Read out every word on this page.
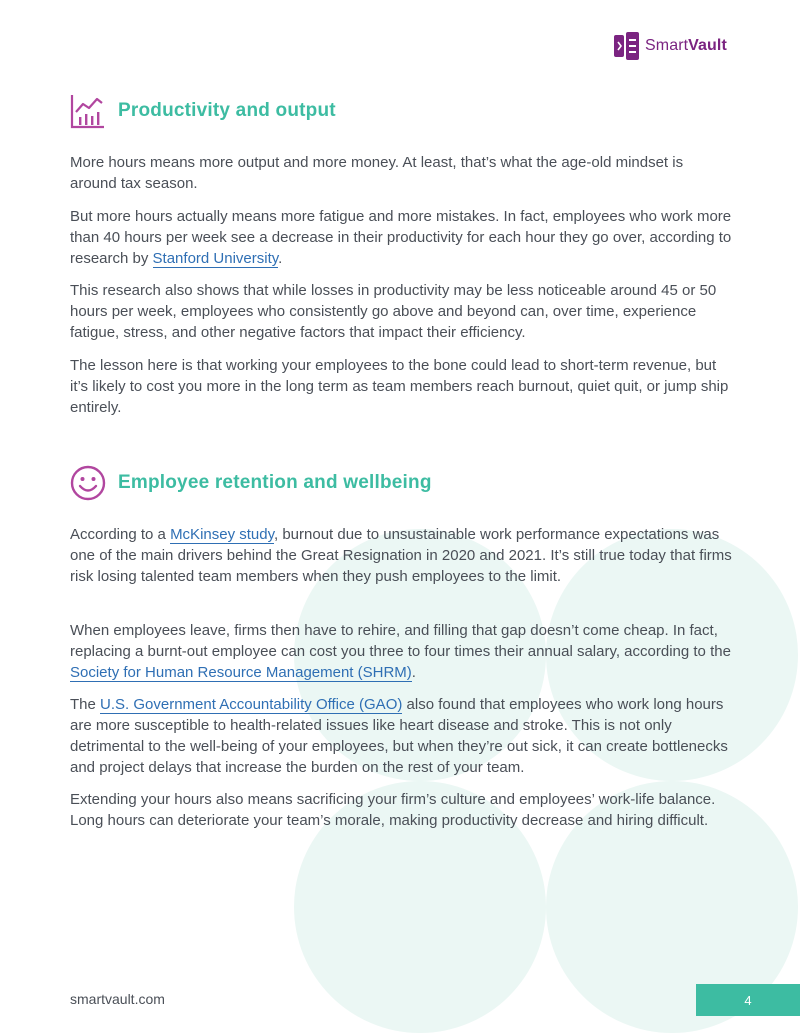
SmartVault
Productivity and output

More hours means more output and more money. At least, that’s what the age-old mindset is around tax season.

But more hours actually means more fatigue and more mistakes. In fact, employees who work more than 40 hours per week see a decrease in their productivity for each hour they go over, according to research by Stanford University.

This research also shows that while losses in productivity may be less noticeable around 45 or 50 hours per week, employees who consistently go above and beyond can, over time, experience fatigue, stress, and other negative factors that impact their efficiency.

The lesson here is that working your employees to the bone could lead to short-term revenue, but it’s likely to cost you more in the long term as team members reach burnout, quiet quit, or jump ship entirely.

Employee retention and wellbeing

According to a McKinsey study, burnout due to unsustainable work performance expectations was one of the main drivers behind the Great Resignation in 2020 and 2021. It’s still true today that firms risk losing talented team members when they push employees to the limit.

When employees leave, firms then have to rehire, and filling that gap doesn’t come cheap. In fact, replacing a burnt-out employee can cost you three to four times their annual salary, according to the Society for Human Resource Management (SHRM).

The U.S. Government Accountability Office (GAO) also found that employees who work long hours are more susceptible to health-related issues like heart disease and stroke. This is not only detrimental to the well-being of your employees, but when they’re out sick, it can create bottlenecks and project delays that increase the burden on the rest of your team.

Extending your hours also means sacrificing your firm’s culture and employees’ work-life balance. Long hours can deteriorate your team’s morale, making productivity decrease and hiring difficult.

smartvault.com	4
